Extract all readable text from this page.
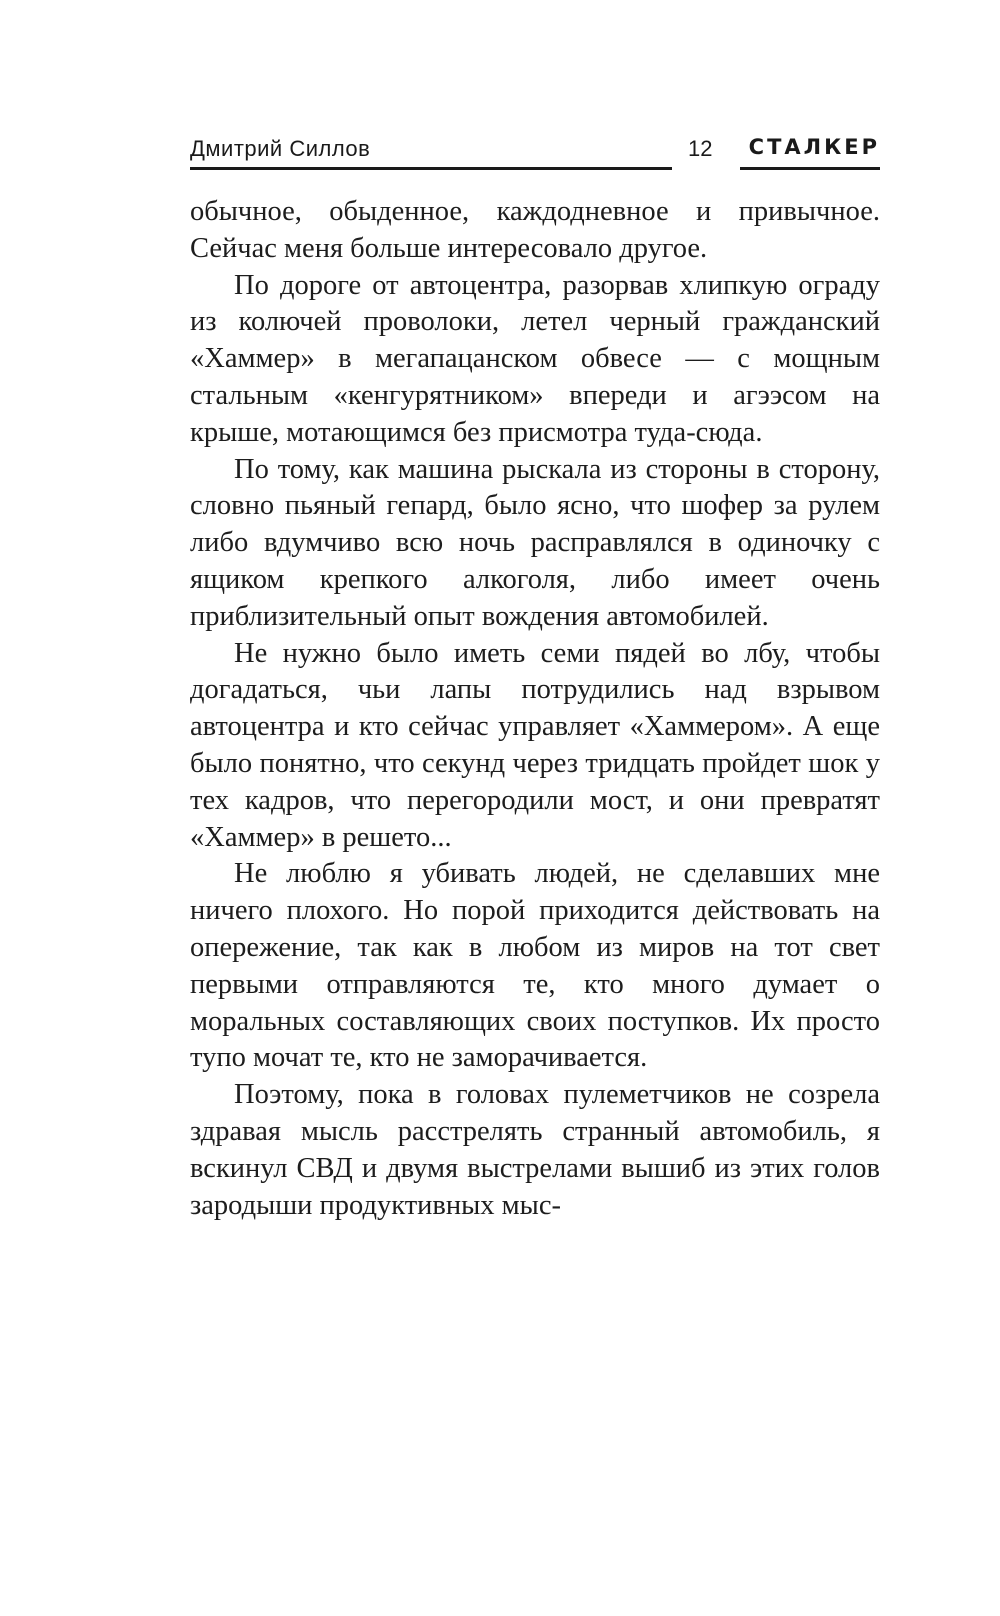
Дмитрий Силлов	12 СТАЛКЕР

обычное, обыденное, каждодневное и привычное. Сейчас меня больше интересовало другое.

По дороге от автоцентра, разорвав хлипкую ограду из колючей проволоки, летел черный гражданский «Хаммер» в мегапацанском обвесе — с мощным стальным «кенгурятником» впереди и агээсом на крыше, мотающимся без присмотра туда-сюда.

По тому, как машина рыскала из стороны в сторону, словно пьяный гепард, было ясно, что шофер за рулем либо вдумчиво всю ночь расправлялся в одиночку с ящиком крепкого алкоголя, либо имеет очень приблизительный опыт вождения автомобилей.

Не нужно было иметь семи пядей во лбу, чтобы догадаться, чьи лапы потрудились над взрывом автоцентра и кто сейчас управляет «Хаммером». А еще было понятно, что секунд через тридцать пройдет шок у тех кадров, что перегородили мост, и они превратят «Хаммер» в решето...

Не люблю я убивать людей, не сделавших мне ничего плохого. Но порой приходится действовать на опережение, так как в любом из миров на тот свет первыми отправляются те, кто много думает о моральных составляющих своих поступков. Их просто тупо мочат те, кто не заморачивается.

Поэтому, пока в головах пулеметчиков не созрела здравая мысль расстрелять странный автомобиль, я вскинул СВД и двумя выстрелами вышиб из этих голов зародыши продуктивных мыс-
